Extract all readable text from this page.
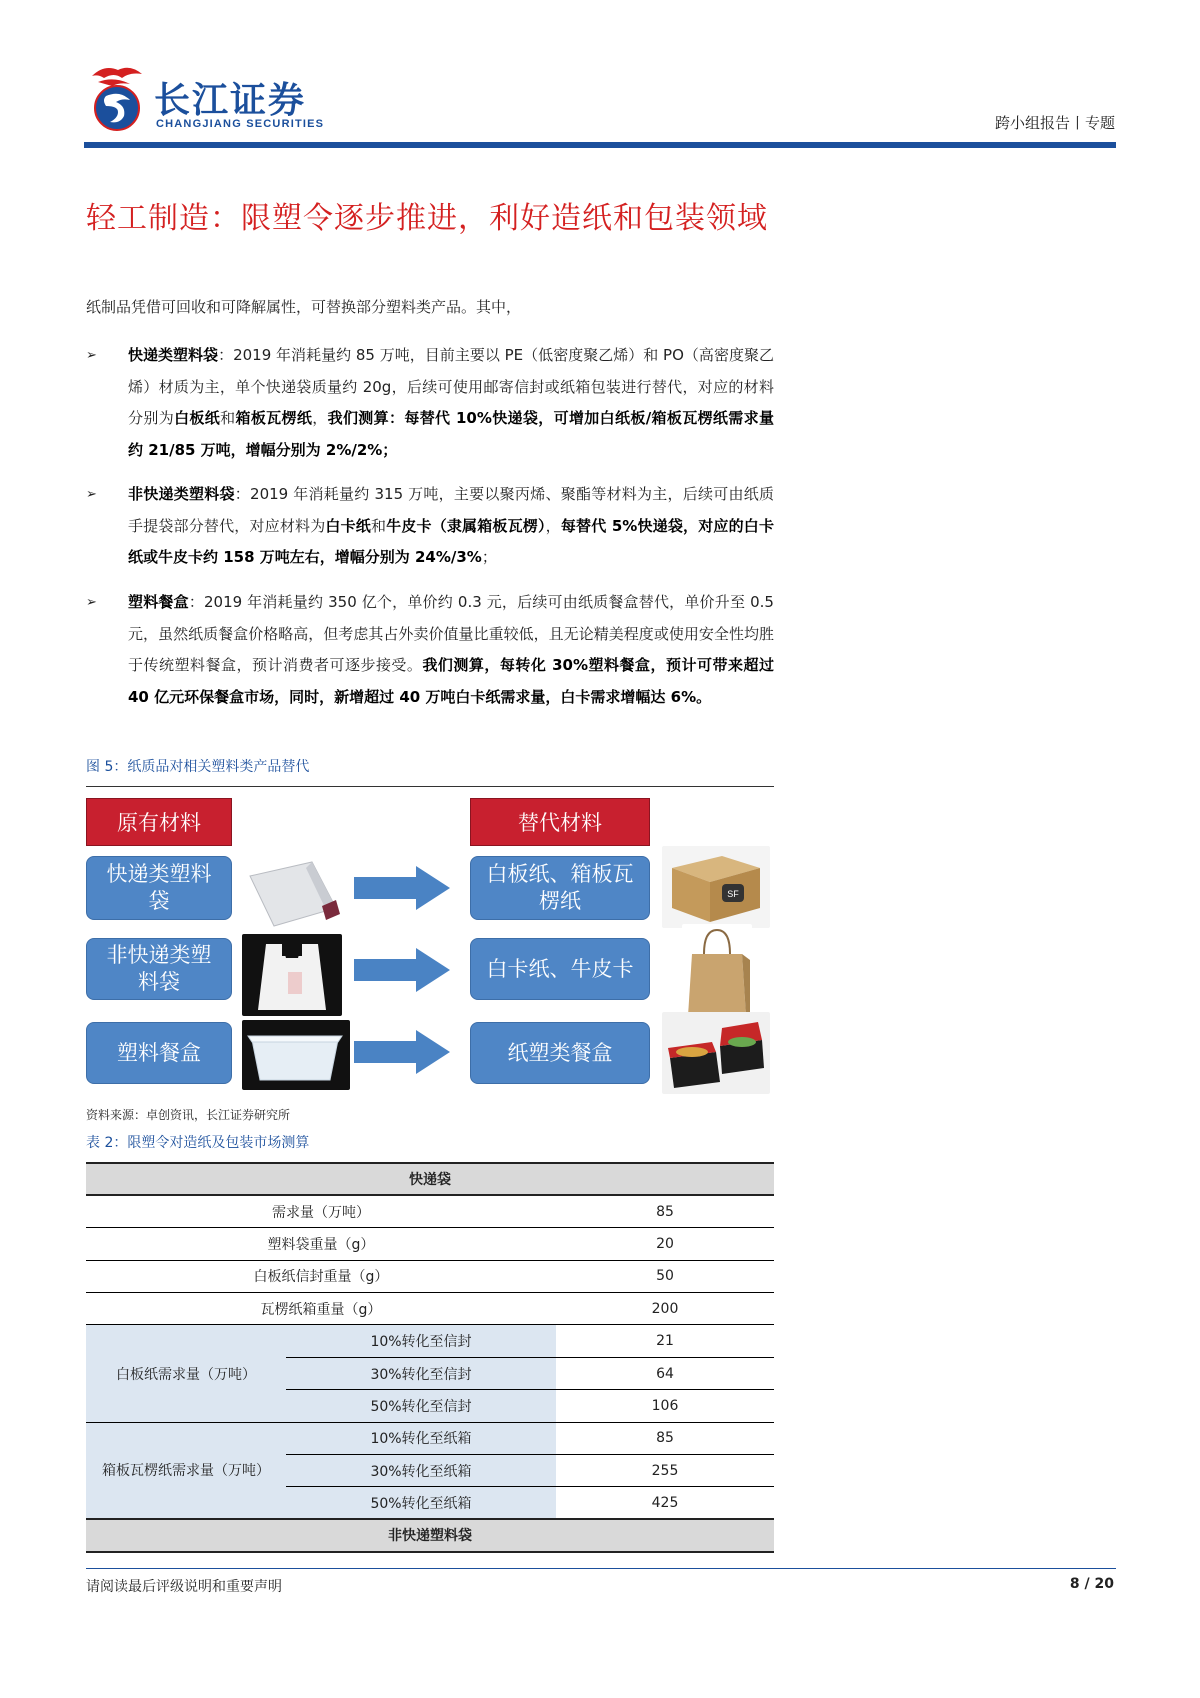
长江证券
CHANGJIANG SECURITIES	跨小组报告丨专题
轻工制造：限塑令逐步推进，利好造纸和包装领域
纸制品凭借可回收和可降解属性，可替换部分塑料类产品。其中，
➢	快递类塑料袋：2019 年消耗量约 85 万吨，目前主要以 PE（低密度聚乙烯）和 PO（高密度聚乙烯）材质为主，单个快递袋质量约 20g，后续可使用邮寄信封或纸箱包装进行替代，对应的材料分别为白板纸和箱板瓦楞纸，我们测算：每替代 10%快递袋，可增加白纸板/箱板瓦楞纸需求量约 21/85 万吨，增幅分别为 2%/2%；
➢	非快递类塑料袋：2019 年消耗量约 315 万吨，主要以聚丙烯、聚酯等材料为主，后续可由纸质手提袋部分替代，对应材料为白卡纸和牛皮卡（隶属箱板瓦楞），每替代 5%快递袋，对应的白卡纸或牛皮卡约 158 万吨左右，增幅分别为 24%/3%；
➢	塑料餐盒：2019 年消耗量约 350 亿个，单价约 0.3 元，后续可由纸质餐盒替代，单价升至 0.5 元，虽然纸质餐盒价格略高，但考虑其占外卖价值量比重较低，且无论精美程度或使用安全性均胜于传统塑料餐盒，预计消费者可逐步接受。我们测算，每转化 30%塑料餐盒，预计可带来超过 40 亿元环保餐盒市场，同时，新增超过 40 万吨白卡纸需求量，白卡需求增幅达 6%。
图 5：纸质品对相关塑料类产品替代
原有材料	替代材料
快递类塑料袋
白板纸、箱板瓦楞纸	SF
非快递类塑料袋
白卡纸、牛皮卡
塑料餐盒	纸塑类餐盒
资料来源：卓创资讯，长江证券研究所
表 2：限塑令对造纸及包装市场测算
快递袋		
需求量（万吨）		85
塑料袋重量（g）		20
白板纸信封重量（g）		50
瓦楞纸箱重量（g）		200
白板纸需求量（万吨）	10%转化至信封	21
	30%转化至信封	64
	50%转化至信封	106
箱板瓦楞纸需求量（万吨）	10%转化至纸箱	85
	30%转化至纸箱	255
	50%转化至纸箱	425
非快递塑料袋		
请阅读最后评级说明和重要声明	8 / 20
